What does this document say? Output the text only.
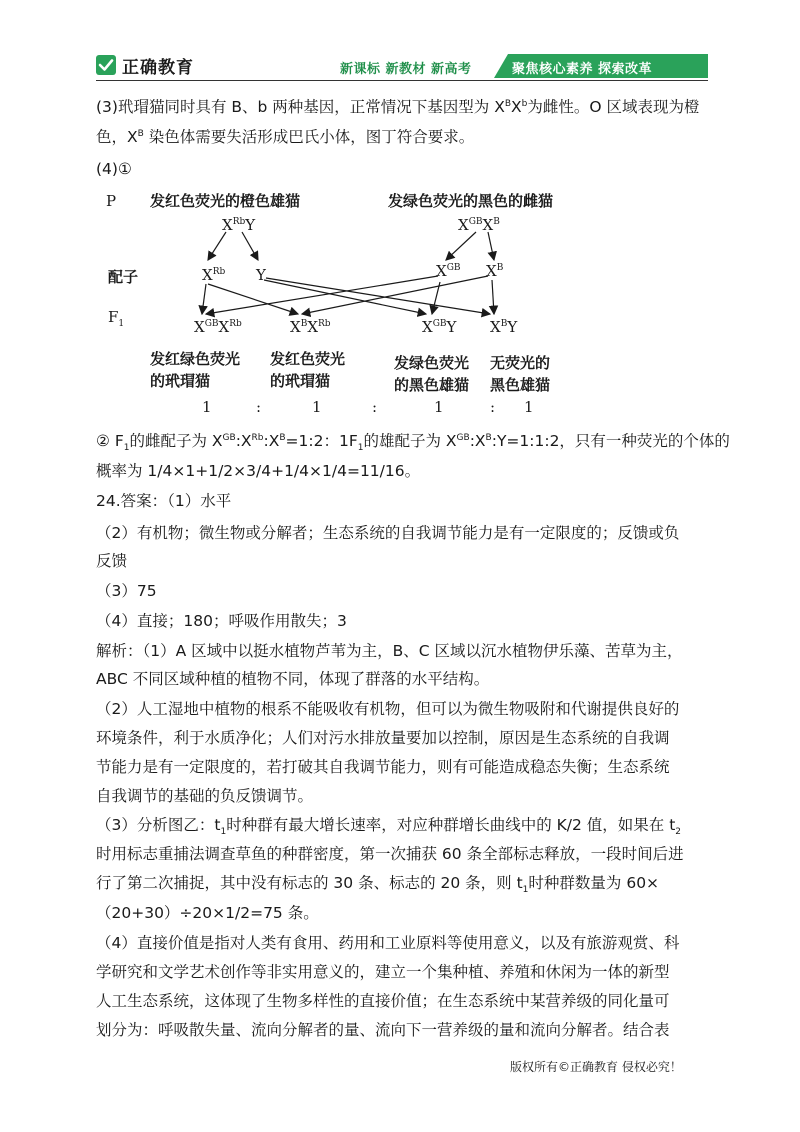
正确教育	新课标 新教材 新高考	聚焦核心素养 探索改革
(3)玳瑁猫同时具有 B、b 两种基因，正常情况下基因型为 $X^BX^b$为雌性。O 区域表现为橙
色，$X^B$ 染色体需要失活形成巴氏小体，图丁符合要求。
(4)①
P 发红色荧光的橙色雄猫	发绿色荧光的黑色的雌猫
$X^{Rb}Y$	$X^{GB}X^B$
配子	$X^{Rb}$ Y	$X^{GB}$ $X^B$
$F_1$	$X^{GB}X^{Rb}$	$X^BX^{Rb}$	$X^{GB}Y$ $X^BY$
发红绿色荧光
的玳瑁猫
发红色荧光
的玳瑁猫
发绿色荧光
的黑色雄猫
无荧光的
黑色雄猫
1	:	1	:	1	: 1
② $F_1$的雌配子为 $X^{GB}:X^{Rb}:X^B=1:2$：$1F_1$的雄配子为 $X^{GB}:X^B:Y=1:1:2$，只有一种荧光的个体的
概率为 1/4×1+1/2×3/4+1/4×1/4=11/16。
24.答案：（1）水平
（2）有机物；微生物或分解者；生态系统的自我调节能力是有一定限度的；反馈或负
反馈
（3）75
（4）直接；180；呼吸作用散失；3
解析：（1）A 区域中以挺水植物芦苇为主，B、C 区域以沉水植物伊乐藻、苦草为主，
ABC 不同区域种植的植物不同，体现了群落的水平结构。
（2）人工湿地中植物的根系不能吸收有机物，但可以为微生物吸附和代谢提供良好的
环境条件，利于水质净化；人们对污水排放量要加以控制，原因是生态系统的自我调
节能力是有一定限度的，若打破其自我调节能力，则有可能造成稳态失衡；生态系统
自我调节的基础的负反馈调节。
（3）分析图乙：$t_1$时种群有最大增长速率，对应种群增长曲线中的 K/2 值，如果在 $t_2$
时用标志重捕法调查草鱼的种群密度，第一次捕获 60 条全部标志释放，一段时间后进
行了第二次捕捉，其中没有标志的 30 条、标志的 20 条，则 $t_1$时种群数量为 60×
（20+30）÷20×1/2=75 条。
（4）直接价值是指对人类有食用、药用和工业原料等使用意义，以及有旅游观赏、科
学研究和文学艺术创作等非实用意义的，建立一个集种植、养殖和休闲为一体的新型
人工生态系统，这体现了生物多样性的直接价值；在生态系统中某营养级的同化量可
划分为：呼吸散失量、流向分解者的量、流向下一营养级的量和流向分解者。结合表
版权所有©正确教育 侵权必究！
